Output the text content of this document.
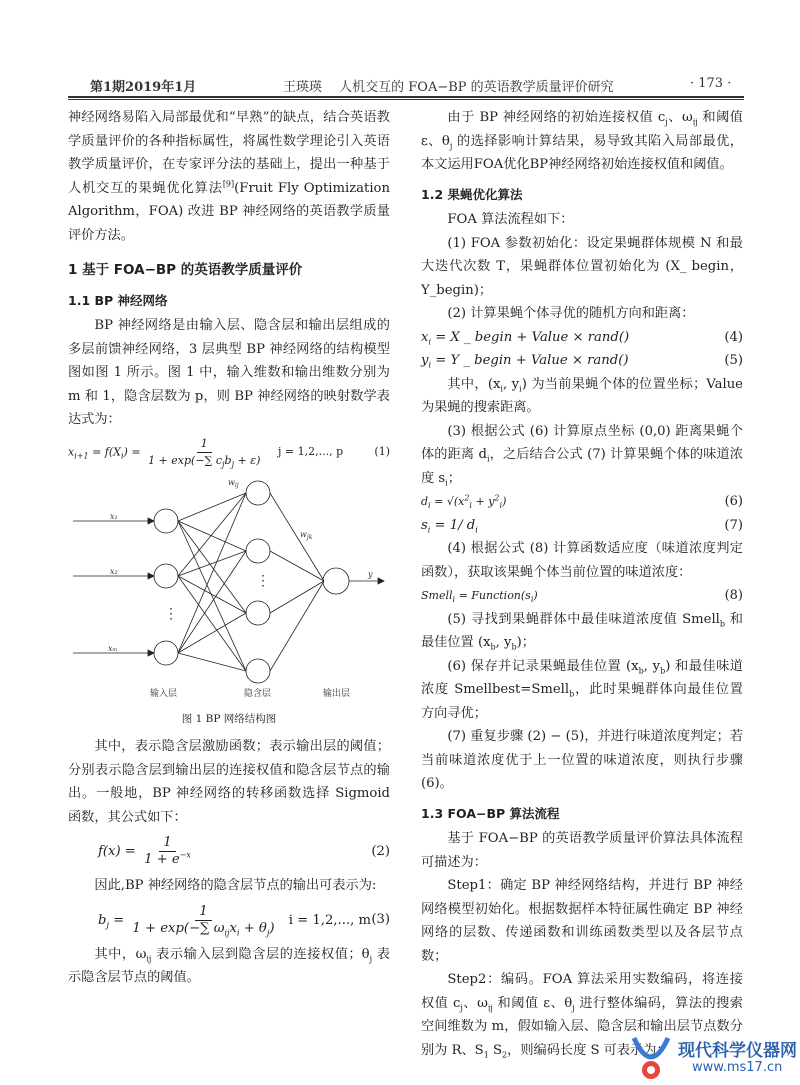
第1期2019年1月	王瑛瑛　 人机交互的 FOA−BP 的英语教学质量评价研究	· 173 ·

神经网络易陷入局部最优和“早熟”的缺点，结合英语教学质量评价的各种指标属性，将属性数学理论引入英语教学质量评价，在专家评分法的基础上，提出一种基于人机交互的果蝇优化算法[9](Fruit Fly Optimization Algorithm，FOA) 改进 BP 神经网络的英语教学质量评价方法。

1 基于 FOA−BP 的英语教学质量评价
1.1 BP 神经网络

BP 神经网络是由输入层、隐含层和输出层组成的多层前馈神经网络，3 层典型 BP 神经网络的结构模型图如图 1 所示。图 1 中，输入维数和输出维数分别为 m 和 1，隐含层数为 p，则 BP 神经网络的映射数学表达式为：

$x_{i+1} = f(X_i) = \frac{1}{1 + \exp(-\sum c_jb_j + \varepsilon)}$ j = 1,2,..., p	(1)
x₁
x₂
xₘ
⋮
⋮
$w_{ij}$
$w_{jk}$
y
输入层	隐含层	输出层
图 1 BP 网络结构图

其中，表示隐含层激励函数；表示输出层的阈值；分别表示隐含层到输出层的连接权值和隐含层节点的输出。一般地，BP 神经网络的转移函数选择 Sigmoid 函数，其公式如下：

$f(x) = \frac{1}{1 + e^{-x}}$	(2)

因此,BP 神经网络的隐含层节点的输出可表示为:

$b_j = \frac{1}{1 + \exp(-\sum \omega_{ij}x_i + \theta_j)}$ i = 1,2,..., m (3)

其中，$\omega_{ij}$ 表示输入层到隐含层的连接权值；$\theta_j$ 表示隐含层节点的阈值。

由于 BP 神经网络的初始连接权值 $c_j$、$\omega_{ij}$ 和阈值 ε、$\theta_j$ 的选择影响计算结果，易导致其陷入局部最优，本文运用FOA优化BP神经网络初始连接权值和阈值。

1.2 果蝇优化算法

FOA 算法流程如下：

(1) FOA 参数初始化：设定果蝇群体规模 N 和最大迭代次数 T，果蝇群体位置初始化为 (X_ begin，Y_begin)；

(2) 计算果蝇个体寻优的随机方向和距离：

$x_i = X$ _ begin + Value × rand()	(4)
$y_i = Y$ _ begin + Value × rand()	(5)

其中，($x_i$, $y_i$) 为当前果蝇个体的位置坐标；Value 为果蝇的搜索距离。

(3) 根据公式 (6) 计算原点坐标 (0,0) 距离果蝇个体的距离 $d_i$，之后结合公式 (7) 计算果蝇个体的味道浓度 $s_i$；

$d_i = √(x^2_i + y^2_i)$	(6)
$s_i = 1/$ $d_i$	(7)

(4) 根据公式 (8) 计算函数适应度（味道浓度判定函数），获取该果蝇个体当前位置的味道浓度：

Smell$_i$ = $Function(s_i)$	(8)

(5) 寻找到果蝇群体中最佳味道浓度值 Smell$_b$ 和最佳位置 ($x_b$, $y_b$)；

(6) 保存并记录果蝇最佳位置 ($x_b$, $y_b$) 和最佳味道浓度 Smellbest=Smell$_b$，此时果蝇群体向最佳位置方向寻优；

(7) 重复步骤 (2) − (5)，并进行味道浓度判定；若当前味道浓度优于上一位置的味道浓度，则执行步骤 (6)。

1.3 FOA−BP 算法流程

基于 FOA−BP 的英语教学质量评价算法具体流程可描述为：

Step1：确定 BP 神经网络结构，并进行 BP 神经网络模型初始化。根据数据样本特征属性确定 BP 神经网络的层数、传递函数和训练函数类型以及各层节点数；

Step2：编码。FOA 算法采用实数编码，将连接权值 $c_j$、$\omega_{ij}$ 和阈值 ε、$\theta_j$ 进行整体编码，算法的搜索空间维数为 m，假如输入层、隐含层和输出层节点数分别为 R、$S_1$ $S_2$，则编码长度 S 可表示为： 现代科学仪器网
www.ms17.cn
